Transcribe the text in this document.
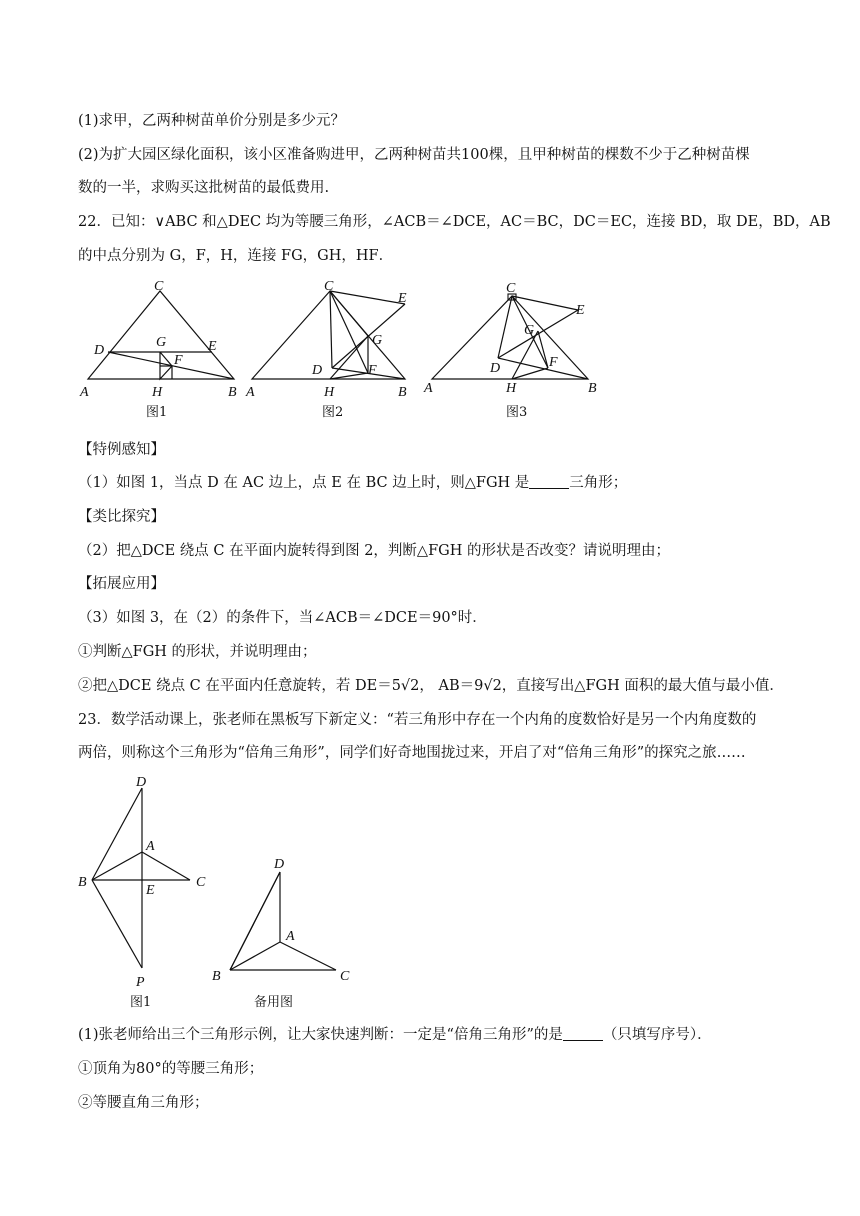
(1)求甲，乙两种树苗单价分别是多少元？
(2)为扩大园区绿化面积，该小区准备购进甲，乙两种树苗共100棵，且甲种树苗的棵数不少于乙种树苗棵
数的一半，求购买这批树苗的最低费用.
22．已知：∨ABC 和△DEC 均为等腰三角形，∠ACB＝∠DCE，AC＝BC，DC＝EC，连接 BD，取 DE，BD，AB
的中点分别为 G，F，H，连接 FG，GH，HF．
C
D	E
G
F
H
A	B
图1
C
E
G
D	F
H
A	B
图2
C
E
G
D	F
H
A	B
图3
【特例感知】
（1）如图 1，当点 D 在 AC 边上，点 E 在 BC 边上时，则△FGH 是	三角形；
【类比探究】
（2）把△DCE 绕点 C 在平面内旋转得到图 2，判断△FGH 的形状是否改变？请说明理由；
【拓展应用】
（3）如图 3，在（2）的条件下，当∠ACB＝∠DCE＝90°时．
①判断△FGH 的形状，并说明理由；
②把△DCE 绕点 C 在平面内任意旋转，若 DE＝5√2， AB＝9√2，直接写出△FGH 面积的最大值与最小值．
23．数学活动课上，张老师在黑板写下新定义：“若三角形中存在一个内角的度数恰好是另一个内角度数的
两倍，则称这个三角形为“倍角三角形”，同学们好奇地围拢过来，开启了对“倍角三角形”的探究之旅……
D
A
B	C
E
P
图1
D
A
B	C
备用图
(1)张老师给出三个三角形示例，让大家快速判断：一定是“倍角三角形”的是	（只填写序号）．
①顶角为80°的等腰三角形；
②等腰直角三角形；
